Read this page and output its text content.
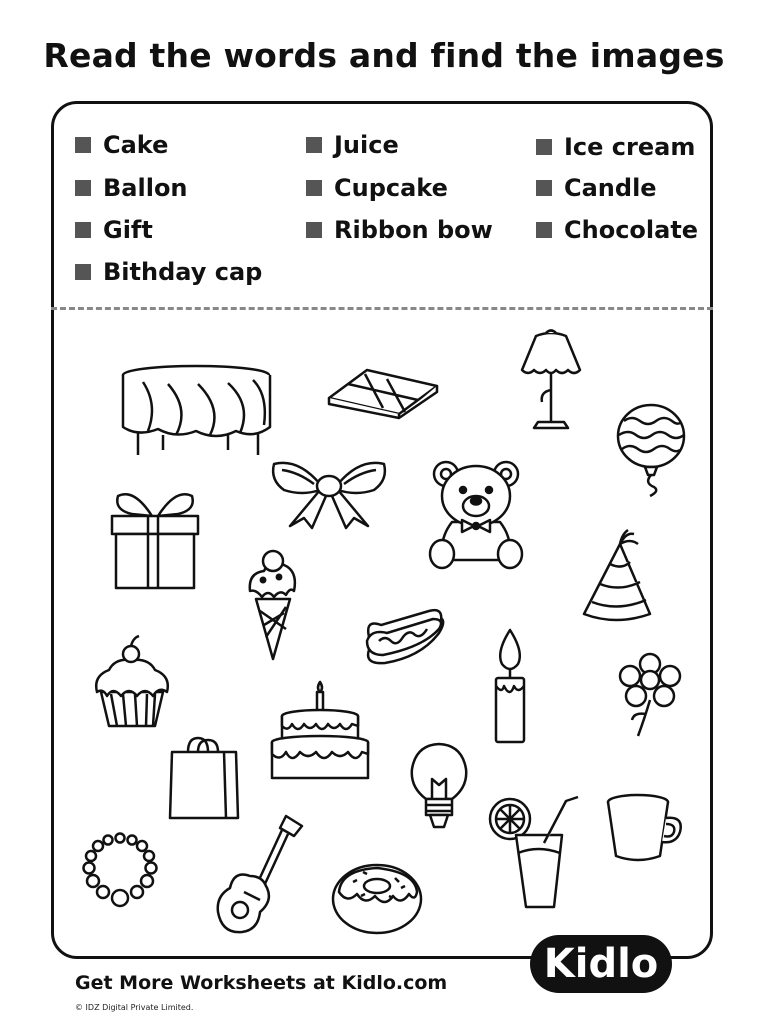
Read the words and find the images
Cake	Juice	Ice cream
Ballon	Cupcake	Candle
Gift	Ribbon bow	Chocolate
Bithday cap
Get More Worksheets at Kidlo.com
© IDZ Digital Private Limited.
Kidlo
